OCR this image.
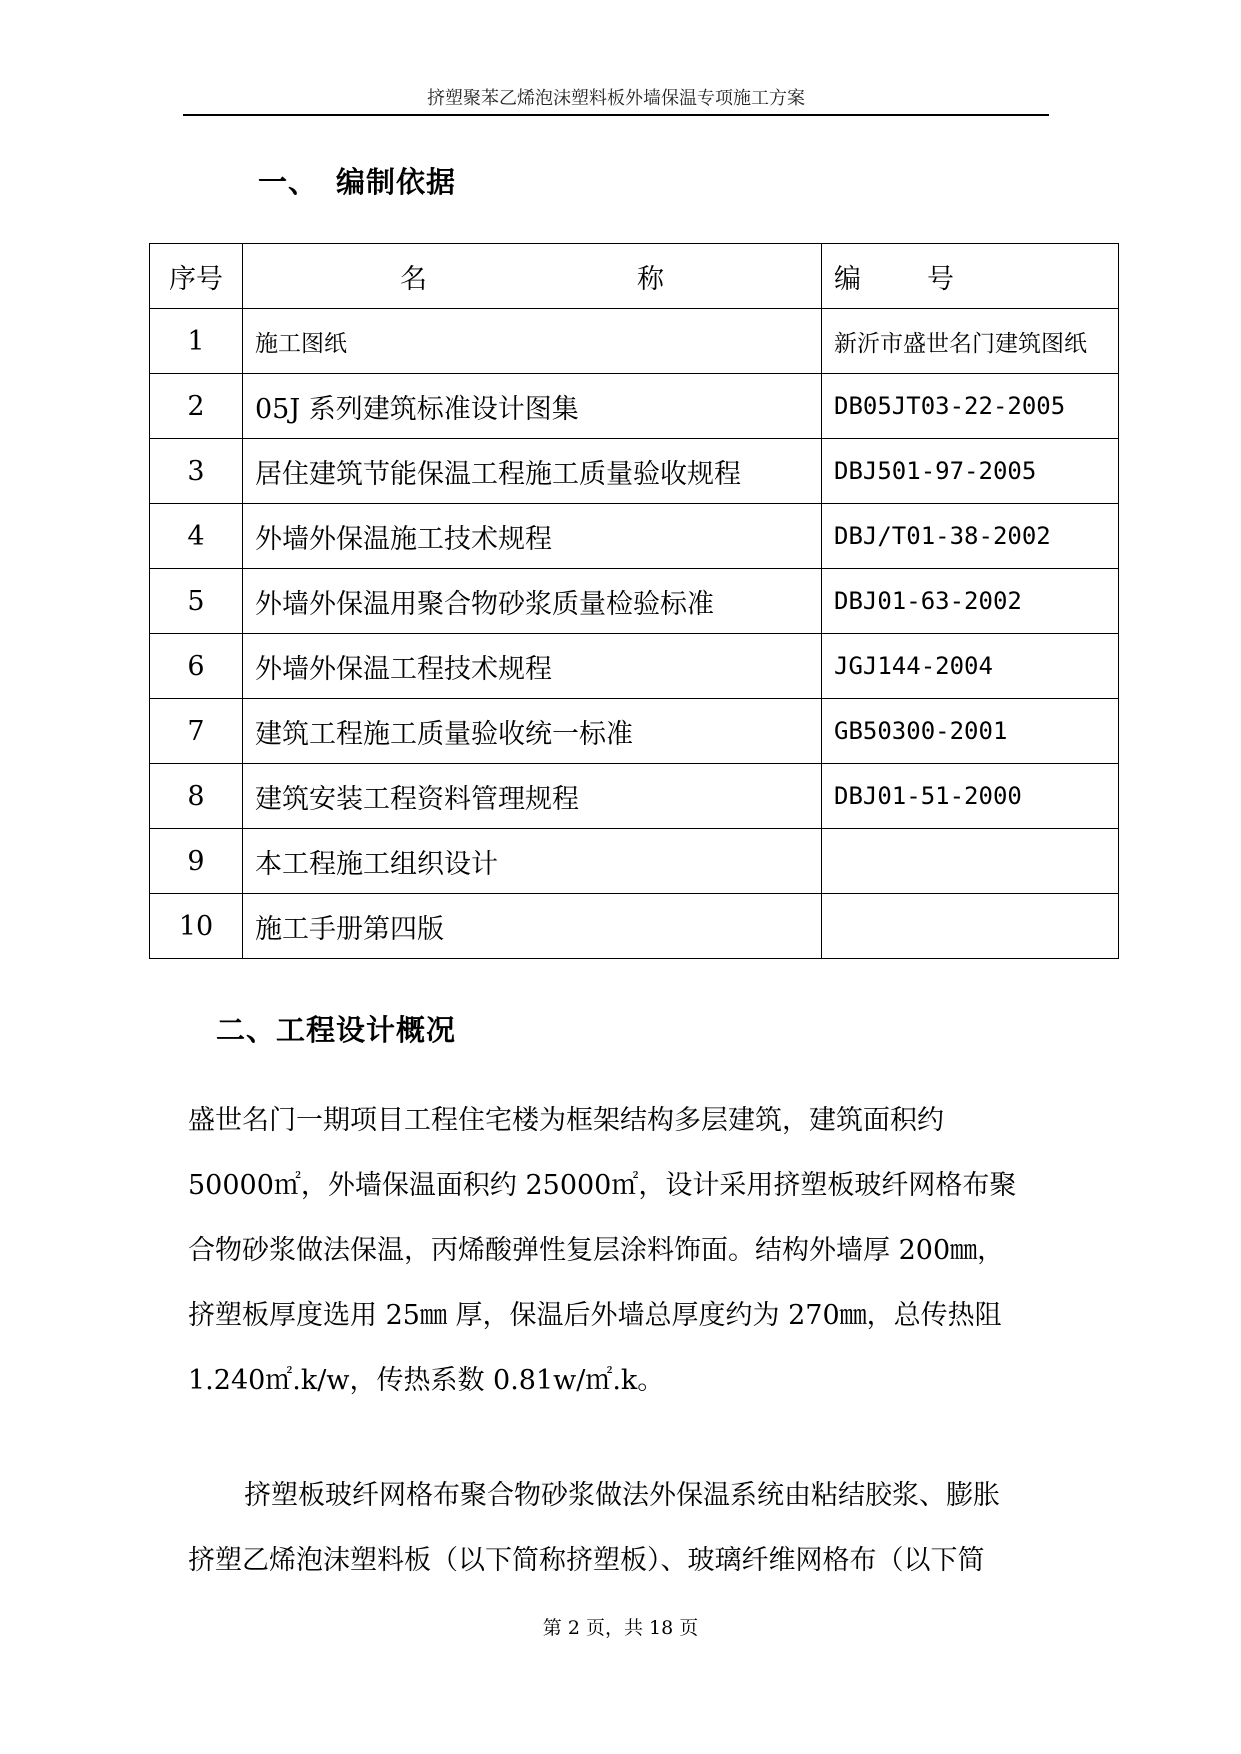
挤塑聚苯乙烯泡沫塑料板外墙保温专项施工方案
一、 编制依据
序号	名 称	编 号

1	施工图纸	新沂市盛世名门建筑图纸
2	05J 系列建筑标准设计图集	DB05JT03-22-2005
3	居住建筑节能保温工程施工质量验收规程	DBJ501-97-2005
4	外墙外保温施工技术规程	DBJ/T01-38-2002
5	外墙外保温用聚合物砂浆质量检验标准	DBJ01-63-2002
6	外墙外保温工程技术规程	JGJ144-2004
7	建筑工程施工质量验收统一标准	GB50300-2001
8	建筑安装工程资料管理规程	DBJ01-51-2000
9	本工程施工组织设计	
10	施工手册第四版	
二、工程设计概况

盛世名门一期项目工程住宅楼为框架结构多层建筑，建筑面积约

50000㎡，外墙保温面积约 25000㎡，设计采用挤塑板玻纤网格布聚

合物砂浆做法保温，丙烯酸弹性复层涂料饰面。结构外墙厚 200㎜，

挤塑板厚度选用 25㎜ 厚，保温后外墙总厚度约为 270㎜，总传热阻

1.240㎡.k/w，传热系数 0.81w/㎡.k。

挤塑板玻纤网格布聚合物砂浆做法外保温系统由粘结胶浆、膨胀

挤塑乙烯泡沫塑料板（以下简称挤塑板）、玻璃纤维网格布（以下简

第 2 页，共 18 页
